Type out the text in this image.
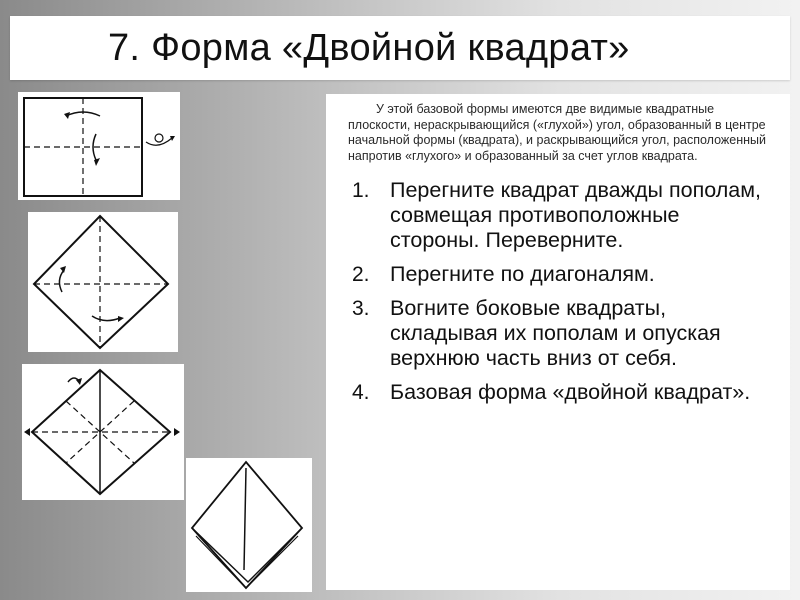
7. Форма «Двойной квадрат»

У этой базовой формы имеются две видимые квадратные плоскости, нераскрывающийся («глухой») угол, образованный в центре начальной формы (квадрата), и раскрывающийся угол, расположенный напротив «глухого» и образованный за счет углов квадрата.

1. Перегните квадрат дважды пополам, совмещая противоположные стороны. Переверните.
2. Перегните по диагоналям.
3. Вогните боковые квадраты, складывая их пополам и опуская верхнюю часть вниз от себя.
4. Базовая форма «двойной квадрат».
